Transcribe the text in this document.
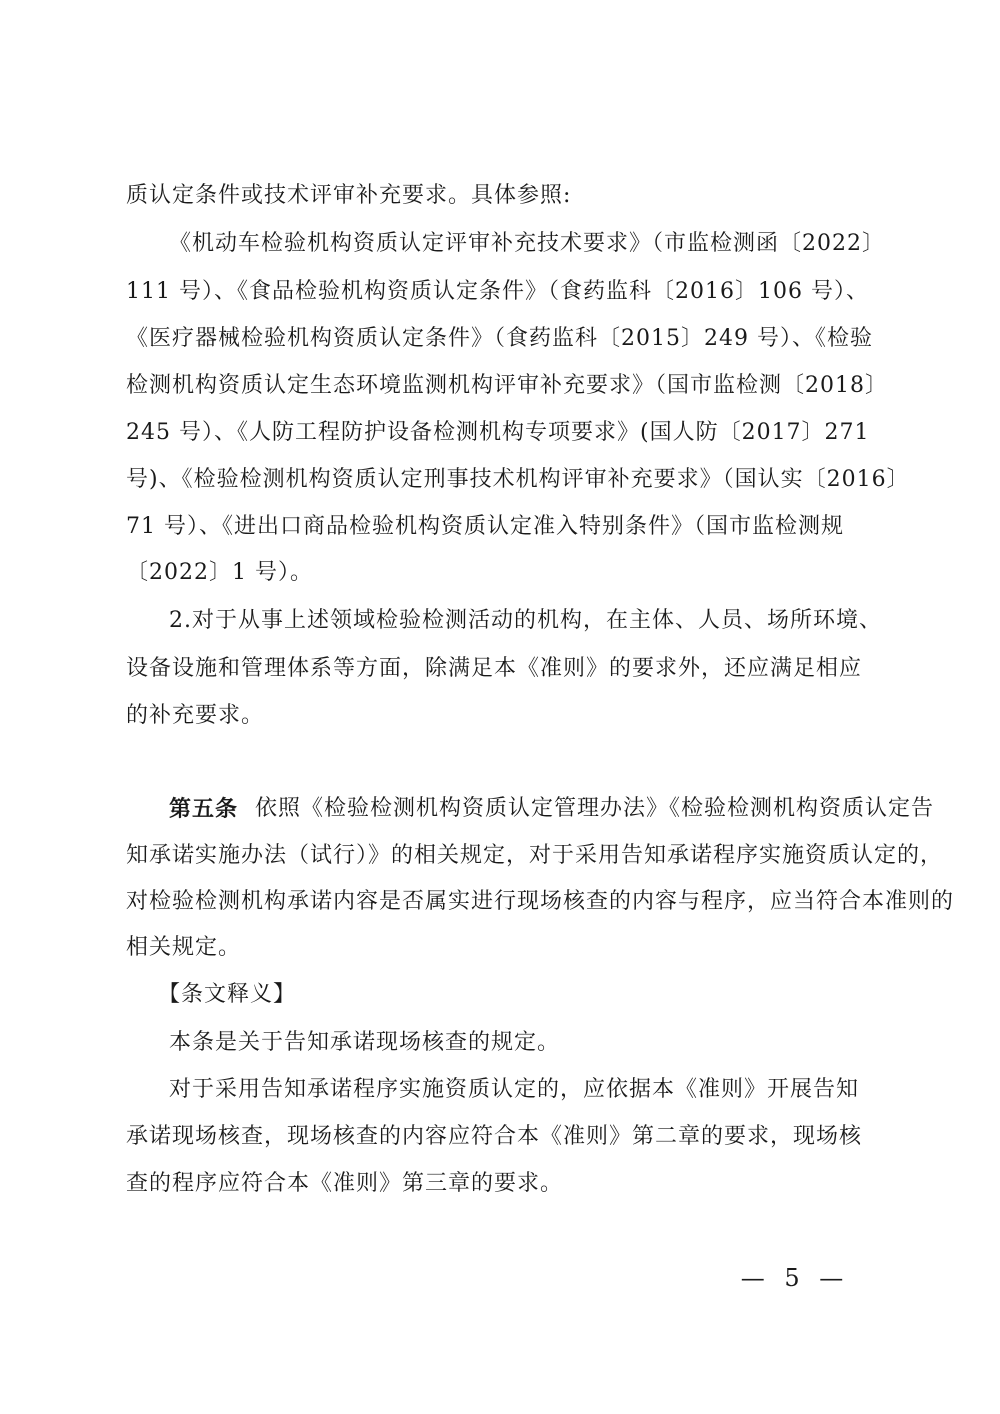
质认定条件或技术评审补充要求。具体参照:
《机动车检验机构资质认定评审补充技术要求》（市监检测函〔2022〕
111 号）、《食品检验机构资质认定条件》（食药监科〔2016〕106 号）、
《医疗器械检验机构资质认定条件》（食药监科〔2015〕249 号）、《检验
检测机构资质认定生态环境监测机构评审补充要求》（国市监检测〔2018〕
245 号）、《人防工程防护设备检测机构专项要求》(国人防〔2017〕271
号)、《检验检测机构资质认定刑事技术机构评审补充要求》（国认实〔2016〕
71 号）、《进出口商品检验机构资质认定准入特别条件》（国市监检测规
〔2022〕1 号）。
2.对于从事上述领域检验检测活动的机构，在主体、人员、场所环境、
设备设施和管理体系等方面，除满足本《准则》的要求外，还应满足相应
的补充要求。
第五条 依照《检验检测机构资质认定管理办法》《检验检测机构资质认定告
知承诺实施办法（试行）》的相关规定，对于采用告知承诺程序实施资质认定的，
对检验检测机构承诺内容是否属实进行现场核查的内容与程序，应当符合本准则的
相关规定。
【条文释义】
本条是关于告知承诺现场核查的规定。
对于采用告知承诺程序实施资质认定的，应依据本《准则》开展告知
承诺现场核查，现场核查的内容应符合本《准则》第二章的要求，现场核
查的程序应符合本《准则》第三章的要求。
— 5 —
